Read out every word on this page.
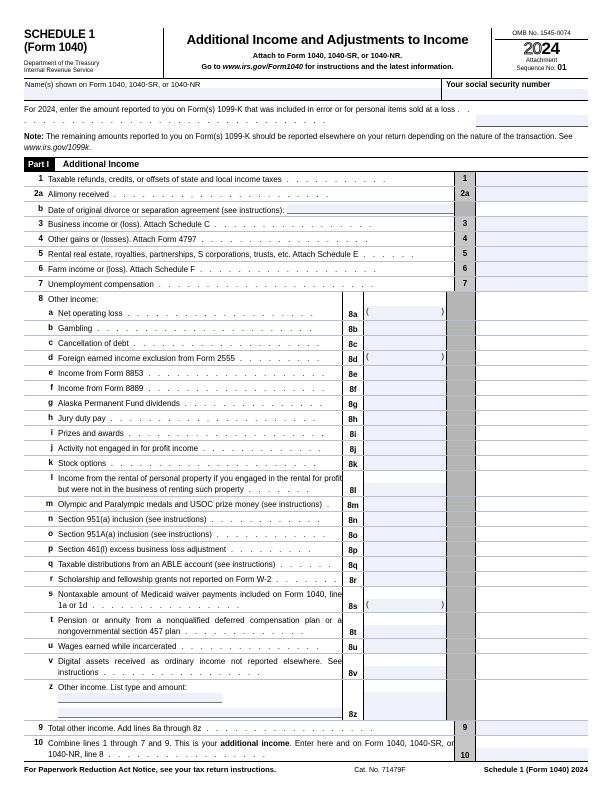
SCHEDULE 1
(Form 1040)
Department of the Treasury
Internal Revenue Service
Additional Income and Adjustments to Income
Attach to Form 1040, 1040-SR, or 1040-NR.
Go to www.irs.gov/Form1040 for instructions and the latest information.
OMB No. 1545-0074
2024
Attachment
Sequence No. 01
Name(s) shown on Form 1040, 1040-SR, or 1040-NR	Your social security number
For 2024, enter the amount reported to you on Form(s) 1099-K that was included in error or for personal items sold at a loss . . . . . . . . . . . . . . . . . . . . . . . . . . . . . . . . . .
Note: The remaining amounts reported to you on Form(s) 1099-K should be reported elsewhere on your return depending on the nature of the transaction. See www.irs.gov/1099k.
Part I	Additional Income
1 Taxable refunds, credits, or offsets of state and local income taxes . . . . . . . . . . .	1
2a Alimony received . . . . . . . . . . . . . . . . . . . . . . .	2a
b Date of original divorce or separation agreement (see instructions):
3 Business income or (loss). Attach Schedule C . . . . . . . . . . . . . . . . .	3
4 Other gains or (losses). Attach Form 4797 . . . . . . . . . . . . . . . . . .	4
5 Rental real estate, royalties, partnerships, S corporations, trusts, etc. Attach Schedule E . . . . . .	5
6 Farm income or (loss). Attach Schedule F . . . . . . . . . . . . . . . . . . .	6
7 Unemployment compensation . . . . . . . . . . . . . . . . . . . . . . .	7
8 Other income:
a Net operating loss . . . . . . . . . . . . . . . . . . . .	8a	(	)
b Gambling . . . . . . . . . . . . . . . . . . . . . . .	8b
c Cancellation of debt . . . . . . . . . . . . . . . . . . . .	8c
d Foreign earned income exclusion from Form 2555 . . . . . . . . .	8d	(	)
e Income from Form 8853 . . . . . . . . . . . . . . . . . . .	8e
f Income from Form 8889 . . . . . . . . . . . . . . . . . . .	8f
g Alaska Permanent Fund dividends . . . . . . . . . . . . . . .	8g
h Jury duty pay . . . . . . . . . . . . . . . . . . . . . .	8h
i Prizes and awards . . . . . . . . . . . . . . . . . . . . .	8i
j Activity not engaged in for profit income . . . . . . . . . . . . .	8j
k Stock options . . . . . . . . . . . . . . . . . . . . . .	8k
l Income from the rental of personal property if you engaged in the rental for profit but were not in the business of renting such property . . . . . . .	8l
m Olympic and Paralympic medals and USOC prize money (see instructions) .	8m
n Section 951(a) inclusion (see instructions) . . . . . . . . . . . .	8n
o Section 951A(a) inclusion (see instructions) . . . . . . . . . . . .	8o
p Section 461(l) excess business loss adjustment . . . . . . . . .	8p
q Taxable distributions from an ABLE account (see instructions) . . . . . .	8q
r Scholarship and fellowship grants not reported on Form W-2 . . . . . . .	8r
s Nontaxable amount of Medicaid waiver payments included on Form 1040, line 1a or 1d . . . . . . . . . . . . . . . .	8s	(	)
t Pension or annuity from a nonqualified deferred compensation plan or a nongovernmental section 457 plan . . . . . . . . . . . . .	8t
u Wages earned while incarcerated . . . . . . . . . . . . . . .	8u
v Digital assets received as ordinary income not reported elsewhere. See instructions . . . . . . . . . . . . . . . . .	8v
z Other income. List type and amount:

8z
9 Total other income. Add lines 8a through 8z . . . . . . . . . . . . . . . . . .	9
10 Combine lines 1 through 7 and 9. This is your additional income. Enter here and on Form 1040, 1040-SR, or 1040-NR, line 8 . . . . . . . . . . . . . . . . .	10
For Paperwork Reduction Act Notice, see your tax return instructions.	Cat. No. 71479F	Schedule 1 (Form 1040) 2024
